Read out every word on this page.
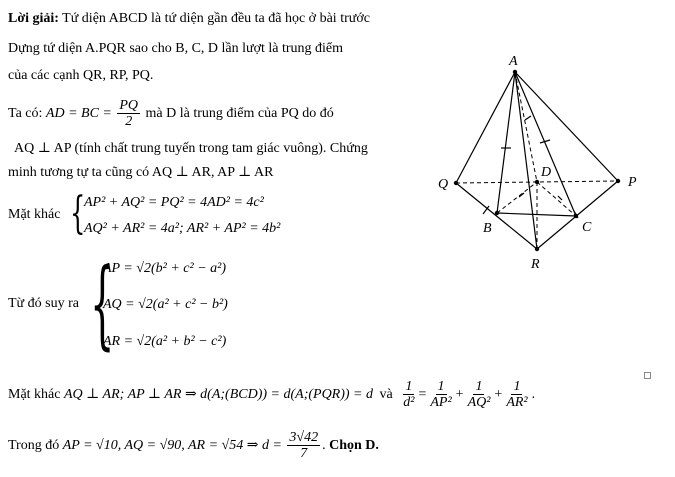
Lời giải: Tứ diện ABCD là tứ diện gần đều ta đã học ở bài trước
Dựng tứ diện A.PQR sao cho B, C, D lần lượt là trung điểm
của các cạnh QR, RP, PQ.
Ta có: AD = BC = $\frac{PQ}{2}$ mà D là trung điểm của PQ do đó
AQ ⊥ AP (tính chất trung tuyến trong tam giác vuông). Chứng
minh tương tự ta cũng có AQ ⊥ AR, AP ⊥ AR
Mặt khác {
AP² + AQ² = PQ² = 4AD² = 4c²
AQ² + AR² = 4a²; AR² + AP² = 4b²
Từ đó suy ra {
AP = √2(b² + c² − a²)
AQ = √2(a² + c² − b²)
AR = √2(a² + b² − c²)
Mặt khác AQ ⊥ AR; AP ⊥ AR ⇒ d(A;(BCD)) = d(A;(PQR)) = d và $\frac{1}{\text{d²}} = \frac{1}{\text{AP²}} + \frac{1}{\text{AQ²}} + \frac{1}{\text{AR²}}$ .
Trong đó AP = √10, AQ = √90, AR = √54 ⇒ $d = \frac{3√42}{7}$ . Chọn D.
A
Q	P
D
B	C
R
